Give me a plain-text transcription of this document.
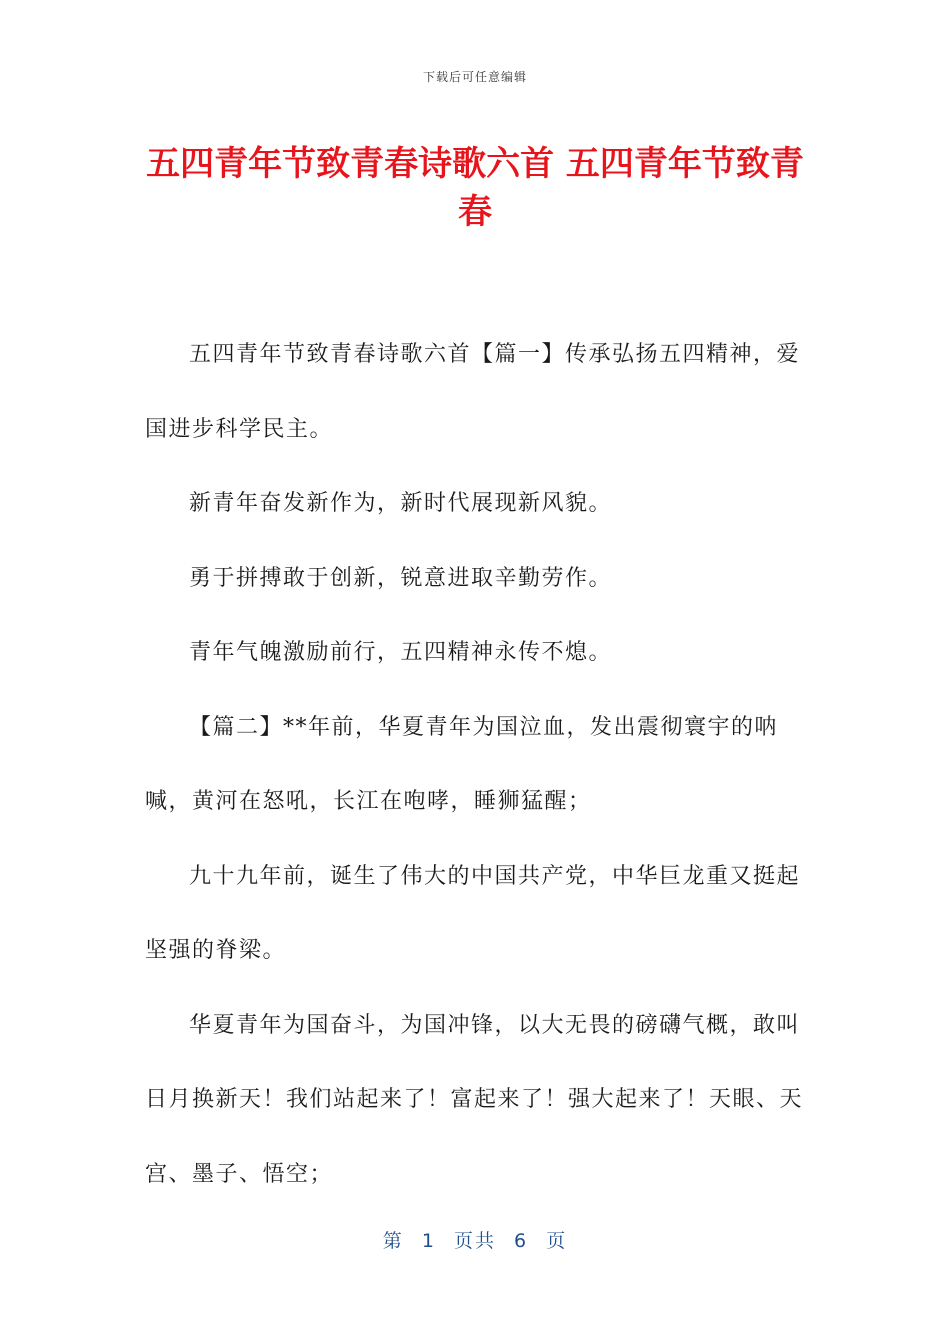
下载后可任意编辑
五四青年节致青春诗歌六首 五四青年节致青春

五四青年节致青春诗歌六首【篇一】传承弘扬五四精神，爱国进步科学民主。

新青年奋发新作为，新时代展现新风貌。

勇于拼搏敢于创新，锐意进取辛勤劳作。

青年气魄激励前行，五四精神永传不熄。

【篇二】**年前，华夏青年为国泣血，发出震彻寰宇的呐喊，黄河在怒吼，长江在咆哮，睡狮猛醒；

九十九年前，诞生了伟大的中国共产党，中华巨龙重又挺起坚强的脊梁。

华夏青年为国奋斗，为国冲锋，以大无畏的磅礴气概，敢叫日月换新天！我们站起来了！富起来了！强大起来了！天眼、天宫、墨子、悟空；

第 1 页共 6 页
